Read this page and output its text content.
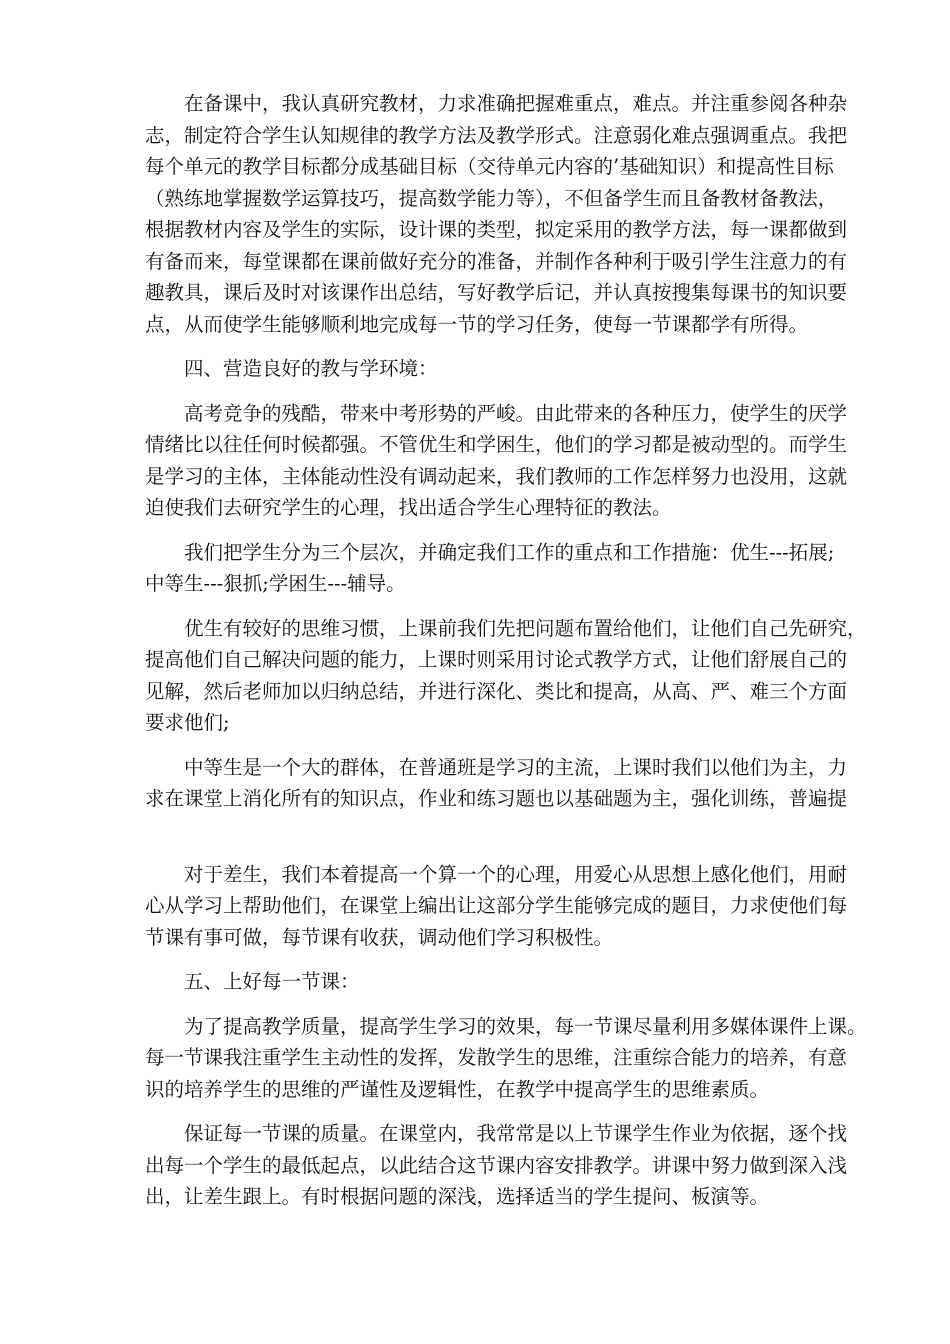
在备课中，我认真研究教材，力求准确把握难重点，难点。并注重参阅各种杂
志，制定符合学生认知规律的教学方法及教学形式。注意弱化难点强调重点。我把
每个单元的教学目标都分成基础目标（交待单元内容的’基础知识）和提高性目标
（熟练地掌握数学运算技巧，提高数学能力等），不但备学生而且备教材备教法，
根据教材内容及学生的实际，设计课的类型，拟定采用的教学方法，每一课都做到
有备而来，每堂课都在课前做好充分的准备，并制作各种利于吸引学生注意力的有
趣教具，课后及时对该课作出总结，写好教学后记，并认真按搜集每课书的知识要
点，从而使学生能够顺利地完成每一节的学习任务，使每一节课都学有所得。
四、营造良好的教与学环境：
高考竞争的残酷，带来中考形势的严峻。由此带来的各种压力，使学生的厌学
情绪比以往任何时候都强。不管优生和学困生，他们的学习都是被动型的。而学生
是学习的主体，主体能动性没有调动起来，我们教师的工作怎样努力也没用，这就
迫使我们去研究学生的心理，找出适合学生心理特征的教法。
我们把学生分为三个层次，并确定我们工作的重点和工作措施：优生---拓展;
中等生---狠抓;学困生---辅导。
优生有较好的思维习惯，上课前我们先把问题布置给他们，让他们自己先研究，
提高他们自己解决问题的能力，上课时则采用讨论式教学方式，让他们舒展自己的
见解，然后老师加以归纳总结，并进行深化、类比和提高，从高、严、难三个方面
要求他们;
中等生是一个大的群体，在普通班是学习的主流，上课时我们以他们为主，力
求在课堂上消化所有的知识点，作业和练习题也以基础题为主，强化训练，普遍提
对于差生，我们本着提高一个算一个的心理，用爱心从思想上感化他们，用耐
心从学习上帮助他们，在课堂上编出让这部分学生能够完成的题目，力求使他们每
节课有事可做，每节课有收获，调动他们学习积极性。
五、上好每一节课：
为了提高教学质量，提高学生学习的效果，每一节课尽量利用多媒体课件上课。
每一节课我注重学生主动性的发挥，发散学生的思维，注重综合能力的培养，有意
识的培养学生的思维的严谨性及逻辑性，在教学中提高学生的思维素质。
保证每一节课的质量。在课堂内，我常常是以上节课学生作业为依据，逐个找
出每一个学生的最低起点，以此结合这节课内容安排教学。讲课中努力做到深入浅
出，让差生跟上。有时根据问题的深浅，选择适当的学生提问、板演等。
